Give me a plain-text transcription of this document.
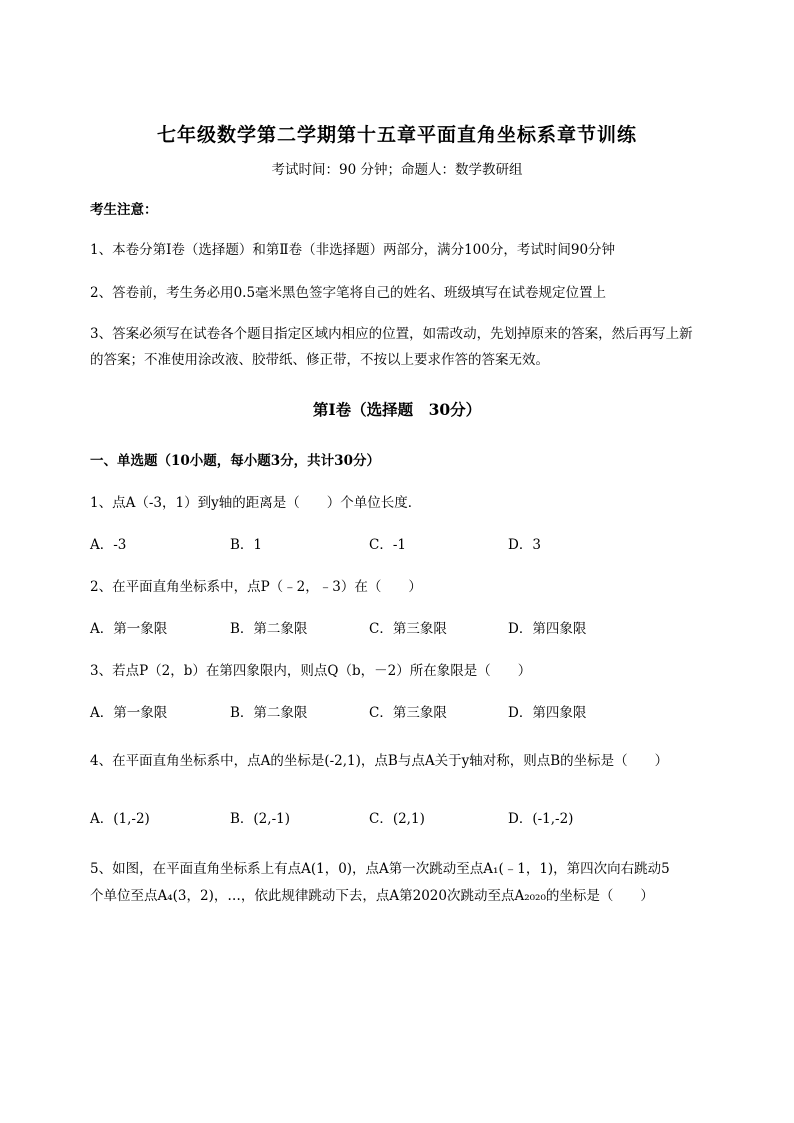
七年级数学第二学期第十五章平面直角坐标系章节训练
考试时间：90 分钟；命题人：数学教研组
考生注意：
1、本卷分第Ⅰ卷（选择题）和第Ⅱ卷（非选择题）两部分，满分100分，考试时间90分钟
2、答卷前，考生务必用0.5毫米黑色签字笔将自己的姓名、班级填写在试卷规定位置上
3、答案必须写在试卷各个题目指定区域内相应的位置，如需改动，先划掉原来的答案，然后再写上新
的答案；不准使用涂改液、胶带纸、修正带，不按以上要求作答的答案无效。
第Ⅰ卷（选择题　30分）
一、单选题（10小题，每小题3分，共计30分）
1、点A（-3，1）到y轴的距离是（　　）个单位长度．
A．-3	B．1	C．-1	D．3
2、在平面直角坐标系中，点P（﹣2，﹣3）在（　　）
A．第一象限	B．第二象限	C．第三象限	D．第四象限
3、若点P（2，b）在第四象限内，则点Q（b，－2）所在象限是（　　）
A．第一象限	B．第二象限	C．第三象限	D．第四象限
4、在平面直角坐标系中，点A的坐标是(-2,1)，点B与点A关于y轴对称，则点B的坐标是（　　）
A．(1,-2)	B．(2,-1)	C．(2,1)	D．(-1,-2)
5、如图，在平面直角坐标系上有点A(1，0)，点A第一次跳动至点A₁(﹣1，1)，第四次向右跳动5
个单位至点A₄(3，2)，…，依此规律跳动下去，点A第2020次跳动至点A₂₀₂₀的坐标是（　　）
